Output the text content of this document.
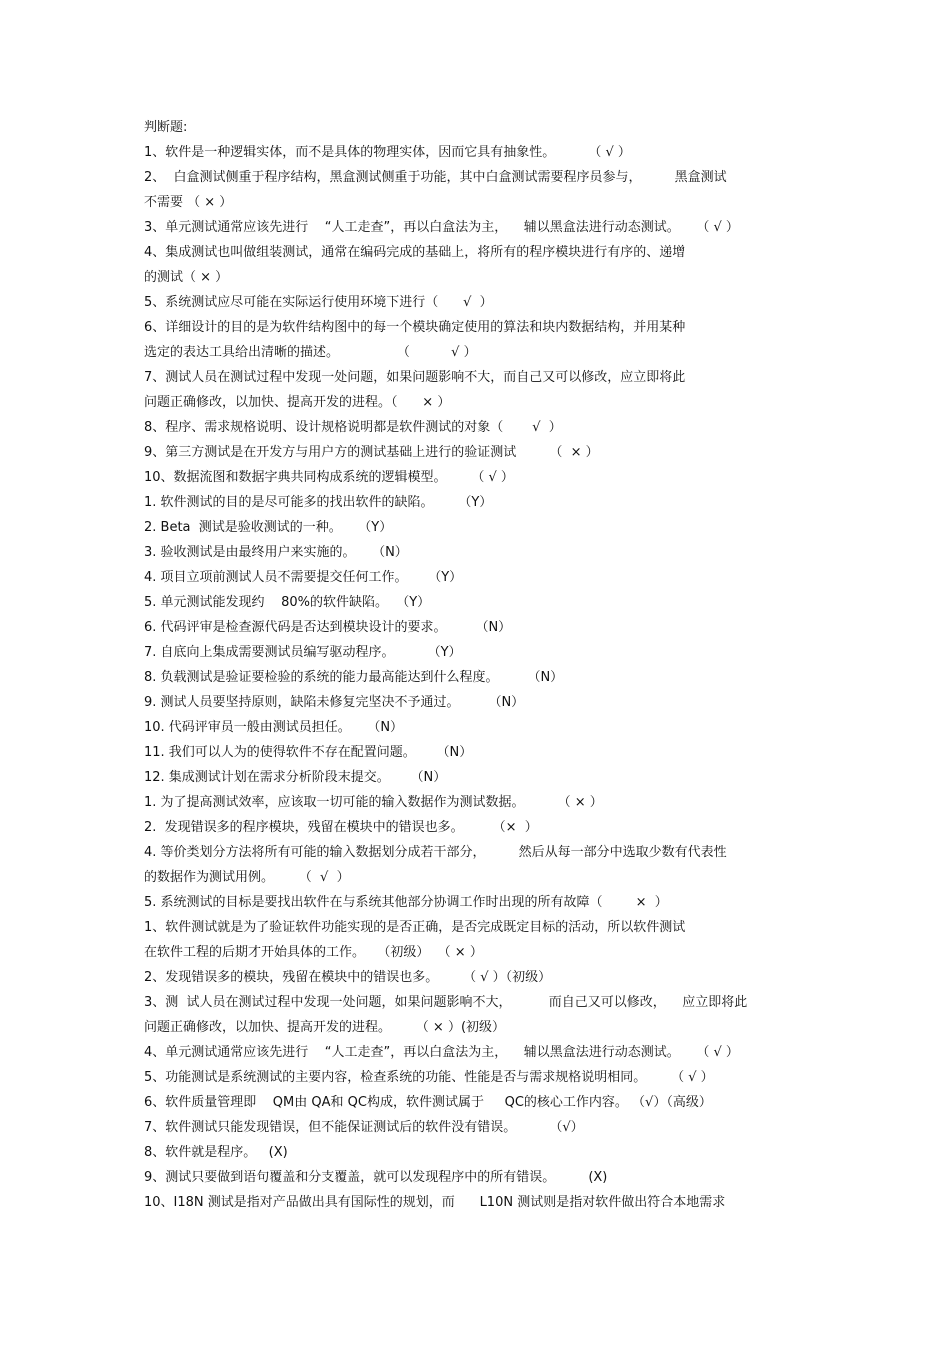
判断题:
1、软件是一种逻辑实体，而不是具体的物理实体，因而它具有抽象性。        （ √ ）
2、  白盒测试侧重于程序结构，黑盒测试侧重于功能，其中白盒测试需要程序员参与，        黑盒测试
不需要 （ × ）
3、单元测试通常应该先进行    “人工走查”，再以白盒法为主，    辅以黑盒法进行动态测试。    （ √ ）
4、集成测试也叫做组装测试，通常在编码完成的基础上，将所有的程序模块进行有序的、递增
的测试（ × ）
5、系统测试应尽可能在实际运行使用环境下进行（      √  ）
6、详细设计的目的是为软件结构图中的每一个模块确定使用的算法和块内数据结构，并用某种
选定的表达工具给出清晰的描述。              （          √ ）
7、测试人员在测试过程中发现一处问题，如果问题影响不大，而自己又可以修改，应立即将此
问题正确修改，以加快、提高开发的进程。（      × ）
8、程序、需求规格说明、设计规格说明都是软件测试的对象（       √  ）
9、第三方测试是在开发方与用户方的测试基础上进行的验证测试        （  × ）
10、数据流图和数据字典共同构成系统的逻辑模型。      （ √ ）
1. 软件测试的目的是尽可能多的找出软件的缺陷。      （Y）
2. Beta  测试是验收测试的一种。    （Y）
3. 验收测试是由最终用户来实施的。    （N）
4. 项目立项前测试人员不需要提交任何工作。     （Y）
5. 单元测试能发现约    80%的软件缺陷。  （Y）
6. 代码评审是检查源代码是否达到模块设计的要求。       （N）
7. 自底向上集成需要测试员编写驱动程序。        （Y）
8. 负载测试是验证要检验的系统的能力最高能达到什么程度。       （N）
9. 测试人员要坚持原则，缺陷未修复完坚决不予通过。       （N）
10. 代码评审员一般由测试员担任。    （N）
11. 我们可以人为的使得软件不存在配置问题。     （N）
12. 集成测试计划在需求分析阶段末提交。     （N）
1. 为了提高测试效率，应该取一切可能的输入数据作为测试数据。        （ × ）
2.  发现错误多的程序模块，残留在模块中的错误也多。       （×  ）
4. 等价类划分方法将所有可能的输入数据划分成若干部分，        然后从每一部分中选取少数有代表性
的数据作为测试用例。      （  √  ）
5. 系统测试的目标是要找出软件在与系统其他部分协调工作时出现的所有故障（        ×  ）
1、软件测试就是为了验证软件功能实现的是否正确，是否完成既定目标的活动，所以软件测试
在软件工程的后期才开始具体的工作。   （初级）  （ × ）
2、发现错误多的模块，残留在模块中的错误也多。      （ √ ）（初级）
3、测  试人员在测试过程中发现一处问题，如果问题影响不大，         而自己又可以修改，    应立即将此
问题正确修改，以加快、提高开发的进程。      （ × ）(初级）
4、单元测试通常应该先进行    “人工走查”，再以白盒法为主，    辅以黑盒法进行动态测试。    （ √ ）
5、功能测试是系统测试的主要内容，检查系统的功能、性能是否与需求规格说明相同。      （ √ ）
6、软件质量管理即    QM由 QA和 QC构成，软件测试属于     QC的核心工作内容。 （√）（高级）
7、软件测试只能发现错误，但不能保证测试后的软件没有错误。        （√）
8、软件就是程序。   (X)
9、测试只要做到语句覆盖和分支覆盖，就可以发现程序中的所有错误。        (X)
10、I18N 测试是指对产品做出具有国际性的规划，而      L10N 测试则是指对软件做出符合本地需求
